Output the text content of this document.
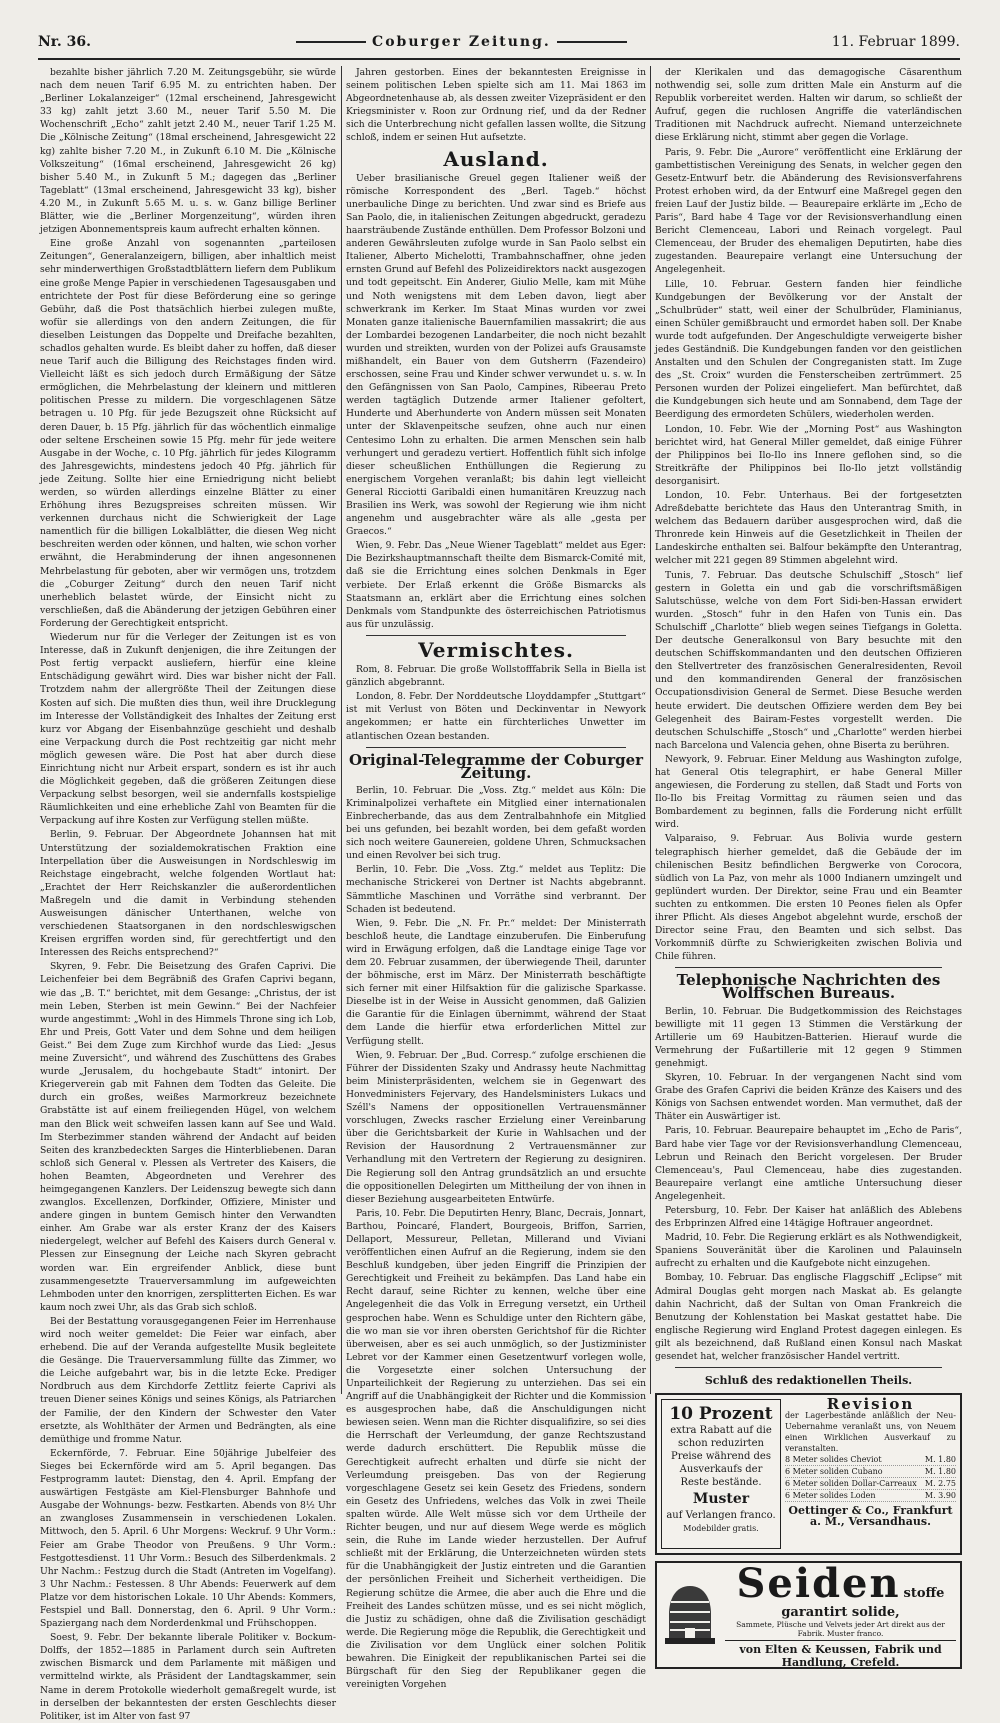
Nr. 36.	Coburger Zeitung.	11. Februar 1899.

bezahlte bisher jährlich 7.20 M. Zeitungsgebühr, sie würde nach dem neuen Tarif 6.95 M. zu entrichten haben. Der „Berliner Lokalanzeiger“ (12mal erscheinend, Jahresgewicht 33 kg) zahlt jetzt 3.60 M., neuer Tarif 5.50 M. Die Wochenschrift „Echo“ zahlt jetzt 2.40 M., neuer Tarif 1.25 M. Die „Kölnische Zeitung“ (18mal erscheinend, Jahresgewicht 22 kg) zahlte bisher 7.20 M., in Zukunft 6.10 M. Die „Kölnische Volkszeitung“ (16mal erscheinend, Jahresgewicht 26 kg) bisher 5.40 M., in Zukunft 5 M.; dagegen das „Berliner Tageblatt“ (13mal erscheinend, Jahresgewicht 33 kg), bisher 4.20 M., in Zukunft 5.65 M. u. s. w. Ganz billige Berliner Blätter, wie die „Berliner Morgenzeitung“, würden ihren jetzigen Abonnementspreis kaum aufrecht erhalten können.

Eine große Anzahl von sogenannten „parteilosen Zeitungen“, Generalanzeigern, billigen, aber inhaltlich meist sehr minderwerthigen Großstadtblättern liefern dem Publikum eine große Menge Papier in verschiedenen Tagesausgaben und entrichtete der Post für diese Beförderung eine so geringe Gebühr, daß die Post thatsächlich hierbei zulegen mußte, wofür sie allerdings von den andern Zeitungen, die für dieselben Leistungen das Doppelte und Dreifache bezahlten, schadlos gehalten wurde. Es bleibt daher zu hoffen, daß dieser neue Tarif auch die Billigung des Reichstages finden wird. Vielleicht läßt es sich jedoch durch Ermäßigung der Sätze ermöglichen, die Mehrbelastung der kleinern und mittleren politischen Presse zu mildern. Die vorgeschlagenen Sätze betragen u. 10 Pfg. für jede Bezugszeit ohne Rücksicht auf deren Dauer, b. 15 Pfg. jährlich für das wöchentlich einmalige oder seltene Erscheinen sowie 15 Pfg. mehr für jede weitere Ausgabe in der Woche, c. 10 Pfg. jährlich für jedes Kilogramm des Jahresgewichts, mindestens jedoch 40 Pfg. jährlich für jede Zeitung. Sollte hier eine Erniedrigung nicht beliebt werden, so würden allerdings einzelne Blätter zu einer Erhöhung ihres Bezugspreises schreiten müssen. Wir verkennen durchaus nicht die Schwierigkeit der Lage namentlich für die billigen Lokalblätter, die diesen Weg nicht beschreiten werden oder können, und halten, wie schon vorher erwähnt, die Herabminderung der ihnen angesonnenen Mehrbelastung für geboten, aber wir vermögen uns, trotzdem die „Coburger Zeitung“ durch den neuen Tarif nicht unerheblich belastet würde, der Einsicht nicht zu verschließen, daß die Abänderung der jetzigen Gebühren einer Forderung der Gerechtigkeit entspricht.

Wiederum nur für die Verleger der Zeitungen ist es von Interesse, daß in Zukunft denjenigen, die ihre Zeitungen der Post fertig verpackt ausliefern, hierfür eine kleine Entschädigung gewährt wird. Dies war bisher nicht der Fall. Trotzdem nahm der allergrößte Theil der Zeitungen diese Kosten auf sich. Die mußten dies thun, weil ihre Drucklegung im Interesse der Vollständigkeit des Inhaltes der Zeitung erst kurz vor Abgang der Eisenbahnzüge geschieht und deshalb eine Verpackung durch die Post rechtzeitig gar nicht mehr möglich gewesen wäre. Die Post hat aber durch diese Einrichtung nicht nur Arbeit erspart, sondern es ist ihr auch die Möglichkeit gegeben, daß die größeren Zeitungen diese Verpackung selbst besorgen, weil sie andernfalls kostspielige Räumlichkeiten und eine erhebliche Zahl von Beamten für die Verpackung auf ihre Kosten zur Verfügung stellen müßte.

Berlin, 9. Februar. Der Abgeordnete Johannsen hat mit Unterstützung der sozialdemokratischen Fraktion eine Interpellation über die Ausweisungen in Nordschleswig im Reichstage eingebracht, welche folgenden Wortlaut hat: „Erachtet der Herr Reichskanzler die außerordentlichen Maßregeln und die damit in Verbindung stehenden Ausweisungen dänischer Unterthanen, welche von verschiedenen Staatsorganen in den nordschleswigschen Kreisen ergriffen worden sind, für gerechtfertigt und den Interessen des Reichs entsprechend?“

Skyren, 9. Febr. Die Beisetzung des Grafen Caprivi. Die Leichenfeier bei dem Begräbniß des Grafen Caprivi begann, wie das „B. T.“ berichtet, mit dem Gesange: „Christus, der ist mein Leben, Sterben ist mein Gewinn.“ Bei der Nachfeier wurde angestimmt: „Wohl in des Himmels Throne sing ich Lob, Ehr und Preis, Gott Vater und dem Sohne und dem heiligen Geist.“ Bei dem Zuge zum Kirchhof wurde das Lied: „Jesus meine Zuversicht“, und während des Zuschüttens des Grabes wurde „Jerusalem, du hochgebaute Stadt“ intonirt. Der Kriegerverein gab mit Fahnen dem Todten das Geleite. Die durch ein großes, weißes Marmorkreuz bezeichnete Grabstätte ist auf einem freiliegenden Hügel, von welchem man den Blick weit schweifen lassen kann auf See und Wald. Im Sterbezimmer standen während der Andacht auf beiden Seiten des kranzbedeckten Sarges die Hinterbliebenen. Daran schloß sich General v. Plessen als Vertreter des Kaisers, die hohen Beamten, Abgeordneten und Verehrer des heimgegangenen Kanzlers. Der Leidenszug bewegte sich dann zwanglos. Excellenzen, Dorfkinder, Offiziere, Minister und andere gingen in buntem Gemisch hinter den Verwandten einher. Am Grabe war als erster Kranz der des Kaisers niedergelegt, welcher auf Befehl des Kaisers durch General v. Plessen zur Einsegnung der Leiche nach Skyren gebracht worden war. Ein ergreifender Anblick, diese bunt zusammengesetzte Trauerversammlung im aufgeweichten Lehmboden unter den knorrigen, zersplitterten Eichen. Es war kaum noch zwei Uhr, als das Grab sich schloß.

Bei der Bestattung vorausgegangenen Feier im Herrenhause wird noch weiter gemeldet: Die Feier war einfach, aber erhebend. Die auf der Veranda aufgestellte Musik begleitete die Gesänge. Die Trauerversammlung füllte das Zimmer, wo die Leiche aufgebahrt war, bis in die letzte Ecke. Prediger Nordbruch aus dem Kirchdorfe Zettlitz feierte Caprivi als treuen Diener seines Königs und seines Königs, als Patriarchen der Familie, der den Kindern der Schwester den Vater ersetzte, als Wohlthäter der Armen und Bedrängten, als eine demüthige und fromme Natur.

Eckernförde, 7. Februar. Eine 50jährige Jubelfeier des Sieges bei Eckernförde wird am 5. April begangen. Das Festprogramm lautet: Dienstag, den 4. April. Empfang der auswärtigen Festgäste am Kiel-Flensburger Bahnhofe und Ausgabe der Wohnungs- bezw. Festkarten. Abends von 8½ Uhr an zwangloses Zusammensein in verschiedenen Lokalen. Mittwoch, den 5. April. 6 Uhr Morgens: Weckruf. 9 Uhr Vorm.: Feier am Grabe Theodor von Preußens. 9 Uhr Vorm.: Festgottesdienst. 11 Uhr Vorm.: Besuch des Silberdenkmals. 2 Uhr Nachm.: Festzug durch die Stadt (Antreten im Vogelfang). 3 Uhr Nachm.: Festessen. 8 Uhr Abends: Feuerwerk auf dem Platze vor dem historischen Lokale. 10 Uhr Abends: Kommers, Festspiel und Ball. Donnerstag, den 6. April. 9 Uhr Vorm.: Spaziergang nach dem Norderdenkmal und Frühschoppen.

Soest, 9. Febr. Der bekannte liberale Politiker v. Bockum-Dolffs, der 1852—1885 in Parlament durch sein Auftreten zwischen Bismarck und dem Parlamente mit mäßigen und vermittelnd wirkte, als Präsident der Landtagskammer, sein Name in derem Protokolle wiederholt gemaßregelt wurde, ist in derselben der bekanntesten der ersten Geschlechts dieser Politiker, ist im Alter von fast 97

Jahren gestorben. Eines der bekanntesten Ereignisse in seinem politischen Leben spielte sich am 11. Mai 1863 im Abgeordnetenhause ab, als dessen zweiter Vizepräsident er den Kriegsminister v. Roon zur Ordnung rief, und da der Redner sich die Unterbrechung nicht gefallen lassen wollte, die Sitzung schloß, indem er seinen Hut aufsetzte.

Ausland.

Ueber brasilianische Greuel gegen Italiener weiß der römische Korrespondent des „Berl. Tageb.“ höchst unerbauliche Dinge zu berichten. Und zwar sind es Briefe aus San Paolo, die, in italienischen Zeitungen abgedruckt, geradezu haarsträubende Zustände enthüllen. Dem Professor Bolzoni und anderen Gewährsleuten zufolge wurde in San Paolo selbst ein Italiener, Alberto Michelotti, Trambahnschaffner, ohne jeden ernsten Grund auf Befehl des Polizeidirektors nackt ausgezogen und todt gepeitscht. Ein Anderer, Giulio Melle, kam mit Mühe und Noth wenigstens mit dem Leben davon, liegt aber schwerkrank im Kerker. Im Staat Minas wurden vor zwei Monaten ganze italienische Bauernfamilien massakrirt; die aus der Lombardei bezogenen Landarbeiter, die noch nicht bezahlt wurden und streikten, wurden von der Polizei aufs Grausamste mißhandelt, ein Bauer von dem Gutsherrn (Fazendeiro) erschossen, seine Frau und Kinder schwer verwundet u. s. w. In den Gefängnissen von San Paolo, Campines, Ribeerau Preto werden tagtäglich Dutzende armer Italiener gefoltert, Hunderte und Aberhunderte von Andern müssen seit Monaten unter der Sklavenpeitsche seufzen, ohne auch nur einen Centesimo Lohn zu erhalten. Die armen Menschen sein halb verhungert und geradezu vertiert. Hoffentlich fühlt sich infolge dieser scheußlichen Enthüllungen die Regierung zu energischem Vorgehen veranlaßt; bis dahin legt vielleicht General Ricciotti Garibaldi einen humanitären Kreuzzug nach Brasilien ins Werk, was sowohl der Regierung wie ihm nicht angenehm und ausgebrachter wäre als alle „gesta per Graecos.“

Wien, 9. Febr. Das „Neue Wiener Tageblatt“ meldet aus Eger: Die Bezirkshauptmannschaft theilte dem Bismarck-Comité mit, daß sie die Errichtung eines solchen Denkmals in Eger verbiete. Der Erlaß erkennt die Größe Bismarcks als Staatsmann an, erklärt aber die Errichtung eines solchen Denkmals vom Standpunkte des österreichischen Patriotismus aus für unzulässig.

Vermischtes.

Rom, 8. Februar. Die große Wollstofffabrik Sella in Biella ist gänzlich abgebrannt.

London, 8. Febr. Der Norddeutsche Lloyddampfer „Stuttgart“ ist mit Verlust von Böten und Deckinventar in Newyork angekommen; er hatte ein fürchterliches Unwetter im atlantischen Ozean bestanden.

Original-Telegramme der Coburger Zeitung.

Berlin, 10. Februar. Die „Voss. Ztg.“ meldet aus Köln: Die Kriminalpolizei verhaftete ein Mitglied einer internationalen Einbrecherbande, das aus dem Zentralbahnhofe ein Mitglied bei uns gefunden, bei bezahlt worden, bei dem gefaßt worden sich noch weitere Gaunereien, goldene Uhren, Schmucksachen und einen Revolver bei sich trug.

Berlin, 10. Febr. Die „Voss. Ztg.“ meldet aus Teplitz: Die mechanische Strickerei von Dertner ist Nachts abgebrannt. Sämmtliche Maschinen und Vorräthe sind verbrannt. Der Schaden ist bedeutend.

Wien, 9. Febr. Die „N. Fr. Pr.“ meldet: Der Ministerrath beschloß heute, die Landtage einzuberufen. Die Einberufung wird in Erwägung erfolgen, daß die Landtage einige Tage vor dem 20. Februar zusammen, der überwiegende Theil, darunter der böhmische, erst im März. Der Ministerrath beschäftigte sich ferner mit einer Hilfsaktion für die galizische Sparkasse. Dieselbe ist in der Weise in Aussicht genommen, daß Galizien die Garantie für die Einlagen übernimmt, während der Staat dem Lande die hierfür etwa erforderlichen Mittel zur Verfügung stellt.

Wien, 9. Februar. Der „Bud. Corresp.“ zufolge erschienen die Führer der Dissidenten Szaky und Andrassy heute Nachmittag beim Ministerpräsidenten, welchem sie in Gegenwart des Honvedministers Fejervary, des Handelsministers Lukacs und Széll's Namens der oppositionellen Vertrauensmänner vorschlugen, Zwecks rascher Erzielung einer Vereinbarung über die Gerichtsbarkeit der Kurie in Wahlsachen und der Revision der Hausordnung 2 Vertrauensmänner zur Verhandlung mit den Vertretern der Regierung zu designiren. Die Regierung soll den Antrag grundsätzlich an und ersuchte die oppositionellen Delegirten um Mittheilung der von ihnen in dieser Beziehung ausgearbeiteten Entwürfe.

Paris, 10. Febr. Die Deputirten Henry, Blanc, Decrais, Jonnart, Barthou, Poincaré, Flandert, Bourgeois, Briffon, Sarrien, Dellaport, Messureur, Pelletan, Millerand und Viviani veröffentlichen einen Aufruf an die Regierung, indem sie den Beschluß kundgeben, über jeden Eingriff die Prinzipien der Gerechtigkeit und Freiheit zu bekämpfen. Das Land habe ein Recht darauf, seine Richter zu kennen, welche über eine Angelegenheit die das Volk in Erregung versetzt, ein Urtheil gesprochen habe. Wenn es Schuldige unter den Richtern gäbe, die wo man sie vor ihren obersten Gerichtshof für die Richter überweisen, aber es sei auch unmöglich, so der Justizminister Lebret vor der Kammer einen Gesetzentwurf vorlegen wolle, die Vorgesetzte einer solchen Untersuchung der Unparteilichkeit der Regierung zu unterziehen. Das sei ein Angriff auf die Unabhängigkeit der Richter und die Kommission es ausgesprochen habe, daß die Anschuldigungen nicht bewiesen seien. Wenn man die Richter disqualifizire, so sei dies die Herrschaft der Verleumdung, der ganze Rechtszustand werde dadurch erschüttert. Die Republik müsse die Gerechtigkeit aufrecht erhalten und dürfe sie nicht der Verleumdung preisgeben. Das von der Regierung vorgeschlagene Gesetz sei kein Gesetz des Friedens, sondern ein Gesetz des Unfriedens, welches das Volk in zwei Theile spalten würde. Alle Welt müsse sich vor dem Urtheile der Richter beugen, und nur auf diesem Wege werde es möglich sein, die Ruhe im Lande wieder herzustellen. Der Aufruf schließt mit der Erklärung, die Unterzeichneten würden stets für die Unabhängigkeit der Justiz eintreten und die Garantien der persönlichen Freiheit und Sicherheit vertheidigen. Die Regierung schütze die Armee, die aber auch die Ehre und die Freiheit des Landes schützen müsse, und es sei nicht möglich, die Justiz zu schädigen, ohne daß die Zivilisation geschädigt werde. Die Regierung möge die Republik, die Gerechtigkeit und die Zivilisation vor dem Unglück einer solchen Politik bewahren. Die Einigkeit der republikanischen Partei sei die Bürgschaft für den Sieg der Republikaner gegen die vereinigten Vorgehen

der Klerikalen und das demagogische Cäsarenthum nothwendig sei, solle zum dritten Male ein Ansturm auf die Republik vorbereitet werden. Halten wir darum, so schließt der Aufruf, gegen die ruchlosen Angriffe die vaterländischen Traditionen mit Nachdruck aufrecht. Niemand unterzeichnete diese Erklärung nicht, stimmt aber gegen die Vorlage.

Paris, 9. Febr. Die „Aurore“ veröffentlicht eine Erklärung der gambettistischen Vereinigung des Senats, in welcher gegen den Gesetz-Entwurf betr. die Abänderung des Revisionsverfahrens Protest erhoben wird, da der Entwurf eine Maßregel gegen den freien Lauf der Justiz bilde. — Beaurepaire erklärte im „Echo de Paris“, Bard habe 4 Tage vor der Revisionsverhandlung einen Bericht Clemenceau, Labori und Reinach vorgelegt. Paul Clemenceau, der Bruder des ehemaligen Deputirten, habe dies zugestanden. Beaurepaire verlangt eine Untersuchung der Angelegenheit.

Lille, 10. Februar. Gestern fanden hier feindliche Kundgebungen der Bevölkerung vor der Anstalt der „Schulbrüder“ statt, weil einer der Schulbrüder, Flaminianus, einen Schüler gemißbraucht und ermordet haben soll. Der Knabe wurde todt aufgefunden. Der Angeschuldigte verweigerte bisher jedes Geständniß. Die Kundgebungen fanden vor den geistlichen Anstalten und den Schulen der Congreganisten statt. Im Zuge des „St. Croix“ wurden die Fensterscheiben zertrümmert. 25 Personen wurden der Polizei eingeliefert. Man befürchtet, daß die Kundgebungen sich heute und am Sonnabend, dem Tage der Beerdigung des ermordeten Schülers, wiederholen werden.

London, 10. Febr. Wie der „Morning Post“ aus Washington berichtet wird, hat General Miller gemeldet, daß einige Führer der Philippinos bei Ilo-Ilo ins Innere geflohen sind, so die Streitkräfte der Philippinos bei Ilo-Ilo jetzt vollständig desorganisirt.

London, 10. Febr. Unterhaus. Bei der fortgesetzten Adreßdebatte berichtete das Haus den Unterantrag Smith, in welchem das Bedauern darüber ausgesprochen wird, daß die Thronrede kein Hinweis auf die Gesetzlichkeit in Theilen der Landeskirche enthalten sei. Balfour bekämpfte den Unterantrag, welcher mit 221 gegen 89 Stimmen abgelehnt wird.

Tunis, 7. Februar. Das deutsche Schulschiff „Stosch“ lief gestern in Goletta ein und gab die vorschriftsmäßigen Salutschüsse, welche von dem Fort Sidi-ben-Hassan erwidert wurden. „Stosch“ fuhr in den Hafen von Tunis ein. Das Schulschiff „Charlotte“ blieb wegen seines Tiefgangs in Goletta. Der deutsche Generalkonsul von Bary besuchte mit den deutschen Schiffskommandanten und den deutschen Offizieren den Stellvertreter des französischen Generalresidenten, Revoil und den kommandirenden General der französischen Occupationsdivision General de Sermet. Diese Besuche werden heute erwidert. Die deutschen Offiziere werden dem Bey bei Gelegenheit des Bairam-Festes vorgestellt werden. Die deutschen Schulschiffe „Stosch“ und „Charlotte“ werden hierbei nach Barcelona und Valencia gehen, ohne Biserta zu berühren.

Newyork, 9. Februar. Einer Meldung aus Washington zufolge, hat General Otis telegraphirt, er habe General Miller angewiesen, die Forderung zu stellen, daß Stadt und Forts von Ilo-Ilo bis Freitag Vormittag zu räumen seien und das Bombardement zu beginnen, falls die Forderung nicht erfüllt wird.

Valparaiso, 9. Februar. Aus Bolivia wurde gestern telegraphisch hierher gemeldet, daß die Gebäude der im chilenischen Besitz befindlichen Bergwerke von Corocora, südlich von La Paz, von mehr als 1000 Indianern umzingelt und geplündert wurden. Der Direktor, seine Frau und ein Beamter suchten zu entkommen. Die ersten 10 Peones fielen als Opfer ihrer Pflicht. Als dieses Angebot abgelehnt wurde, erschoß der Director seine Frau, den Beamten und sich selbst. Das Vorkommniß dürfte zu Schwierigkeiten zwischen Bolivia und Chile führen.

Telephonische Nachrichten des Wolffschen Bureaus.

Berlin, 10. Februar. Die Budgetkommission des Reichstages bewilligte mit 11 gegen 13 Stimmen die Verstärkung der Artillerie um 69 Haubitzen-Batterien. Hierauf wurde die Vermehrung der Fußartillerie mit 12 gegen 9 Stimmen genehmigt.

Skyren, 10. Februar. In der vergangenen Nacht sind vom Grabe des Grafen Caprivi die beiden Kränze des Kaisers und des Königs von Sachsen entwendet worden. Man vermuthet, daß der Thäter ein Auswärtiger ist.

Paris, 10. Februar. Beaurepaire behauptet im „Echo de Paris“, Bard habe vier Tage vor der Revisionsverhandlung Clemenceau, Lebrun und Reinach den Bericht vorgelesen. Der Bruder Clemenceau's, Paul Clemenceau, habe dies zugestanden. Beaurepaire verlangt eine amtliche Untersuchung dieser Angelegenheit.

Petersburg, 10. Febr. Der Kaiser hat anläßlich des Ablebens des Erbprinzen Alfred eine 14tägige Hoftrauer angeordnet.

Madrid, 10. Febr. Die Regierung erklärt es als Nothwendigkeit, Spaniens Souveränität über die Karolinen und Palauinseln aufrecht zu erhalten und die Kaufgebote nicht einzugehen.

Bombay, 10. Februar. Das englische Flaggschiff „Eclipse“ mit Admiral Douglas geht morgen nach Maskat ab. Es gelangte dahin Nachricht, daß der Sultan von Oman Frankreich die Benutzung der Kohlenstation bei Maskat gestattet habe. Die englische Regierung wird England Protest dagegen einlegen. Es gilt als bezeichnend, daß Rußland einen Konsul nach Maskat gesendet hat, welcher französischer Handel vertritt.

Schluß des redaktionellen Theils.
10 Prozent
extra Rabatt auf die schon reduzirten Preise während des Ausverkaufs der Reste bestände.
Muster
auf Verlangen franco.
Modebilder gratis.
Revision
der Lagerbestände anläßlich der Neu-Uebernahme veranlaßt uns, von Neuem einen Wirklichen Ausverkauf zu veranstalten.
8 Meter solides Cheviot	M. 1.80
6 Meter soliden Cubano	M. 1.80
6 Meter soliden Dollar-Carreaux M. 2.75
6 Meter solides Loden	M. 3.90
Oettinger & Co., Frankfurt a. M., Versandhaus.
Seiden stoffe garantirt solide,
Sammete, Plüsche und Velvets jeder Art direkt aus der Fabrik. Muster franco.
von Elten & Keussen, Fabrik und Handlung, Crefeld.
